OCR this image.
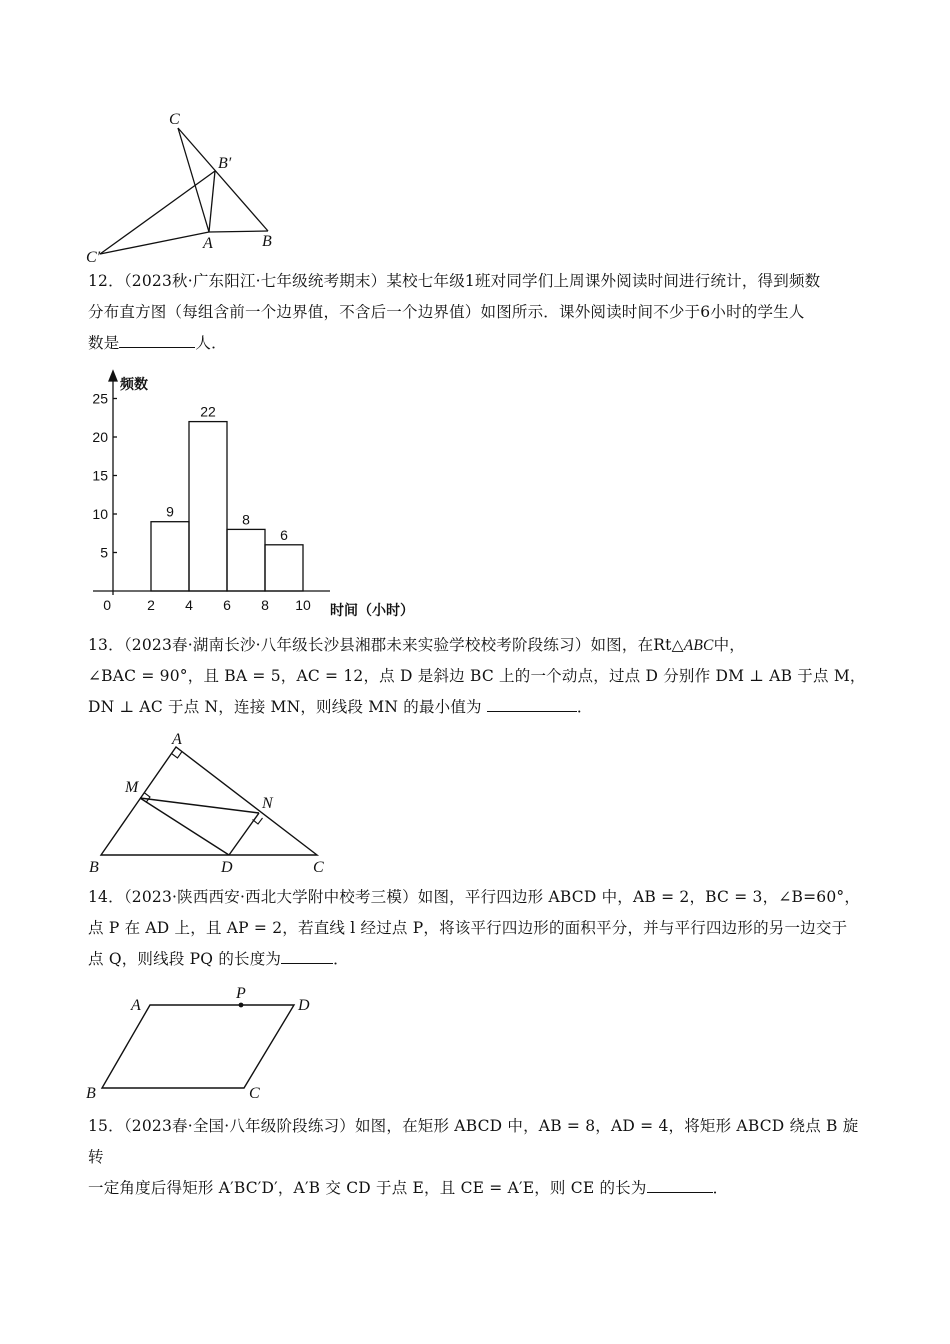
C
B′
C′
A	B
12．（2023秋·广东阳江·七年级统考期末）某校七年级1班对同学们上周课外阅读时间进行统计，得到频数
分布直方图（每组含前一个边界值，不含后一个边界值）如图所示．课外阅读时间不少于6小时的学生人
数是	人．
5
10
15
20
25
0	2 4 6 8 10
9
22
8
6
频数
时间（小时）
13．（2023春·湖南长沙·八年级长沙县湘郡未来实验学校校考阶段练习）如图，在Rt△ABC中，
∠BAC = 90°，且 BA = 5，AC = 12，点 D 是斜边 BC 上的一个动点，过点 D 分别作 DM ⊥ AB 于点 M，
DN ⊥ AC 于点 N，连接 MN，则线段 MN 的最小值为	．
A
M
N
B	D	C
14．（2023·陕西西安·西北大学附中校考三模）如图，平行四边形 ABCD 中，AB = 2，BC = 3，∠B=60°，
点 P 在 AD 上，且 AP = 2，若直线 l 经过点 P，将该平行四边形的面积平分，并与平行四边形的另一边交于
点 Q，则线段 PQ 的长度为	．
A
P
D
B	C
15．（2023春·全国·八年级阶段练习）如图，在矩形 ABCD 中，AB = 8，AD = 4，将矩形 ABCD 绕点 B 旋转
一定角度后得矩形 A′BC′D′，A′B 交 CD 于点 E，且 CE = A′E，则 CE 的长为	．
